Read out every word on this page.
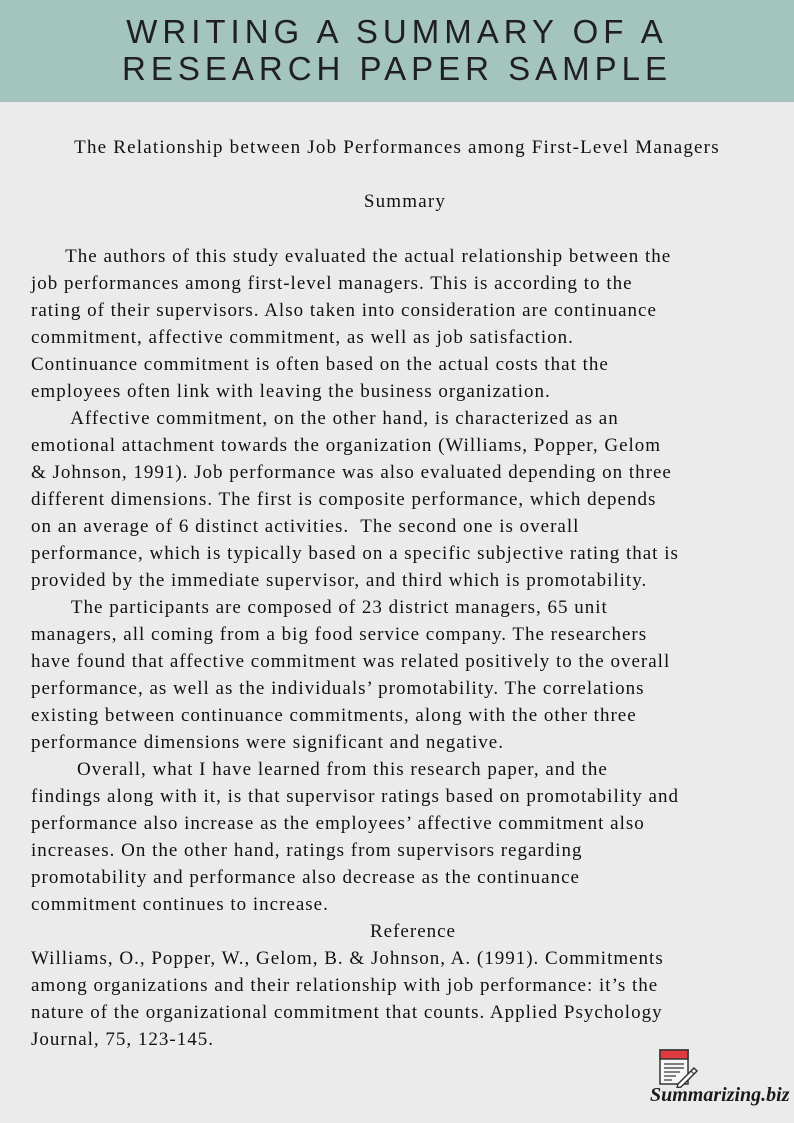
WRITING A SUMMARY OF A
RESEARCH PAPER SAMPLE
The Relationship between Job Performances among First-Level Managers
Summary
The authors of this study evaluated the actual relationship between the
job performances among first-level managers. This is according to the
rating of their supervisors. Also taken into consideration are continuance
commitment, affective commitment, as well as job satisfaction.
Continuance commitment is often based on the actual costs that the
employees often link with leaving the business organization.
Affective commitment, on the other hand, is characterized as an
emotional attachment towards the organization (Williams, Popper, Gelom
& Johnson, 1991). Job performance was also evaluated depending on three
different dimensions. The first is composite performance, which depends
on an average of 6 distinct activities.  The second one is overall
performance, which is typically based on a specific subjective rating that is
provided by the immediate supervisor, and third which is promotability.
The participants are composed of 23 district managers, 65 unit
managers, all coming from a big food service company. The researchers
have found that affective commitment was related positively to the overall
performance, as well as the individuals’ promotability. The correlations
existing between continuance commitments, along with the other three
performance dimensions were significant and negative.
Overall, what I have learned from this research paper, and the
findings along with it, is that supervisor ratings based on promotability and
performance also increase as the employees’ affective commitment also
increases. On the other hand, ratings from supervisors regarding
promotability and performance also decrease as the continuance
commitment continues to increase.
Reference
Williams, O., Popper, W., Gelom, B. & Johnson, A. (1991). Commitments
among organizations and their relationship with job performance: it’s the
nature of the organizational commitment that counts. Applied Psychology
Journal, 75, 123-145.
Summarizing.biz
